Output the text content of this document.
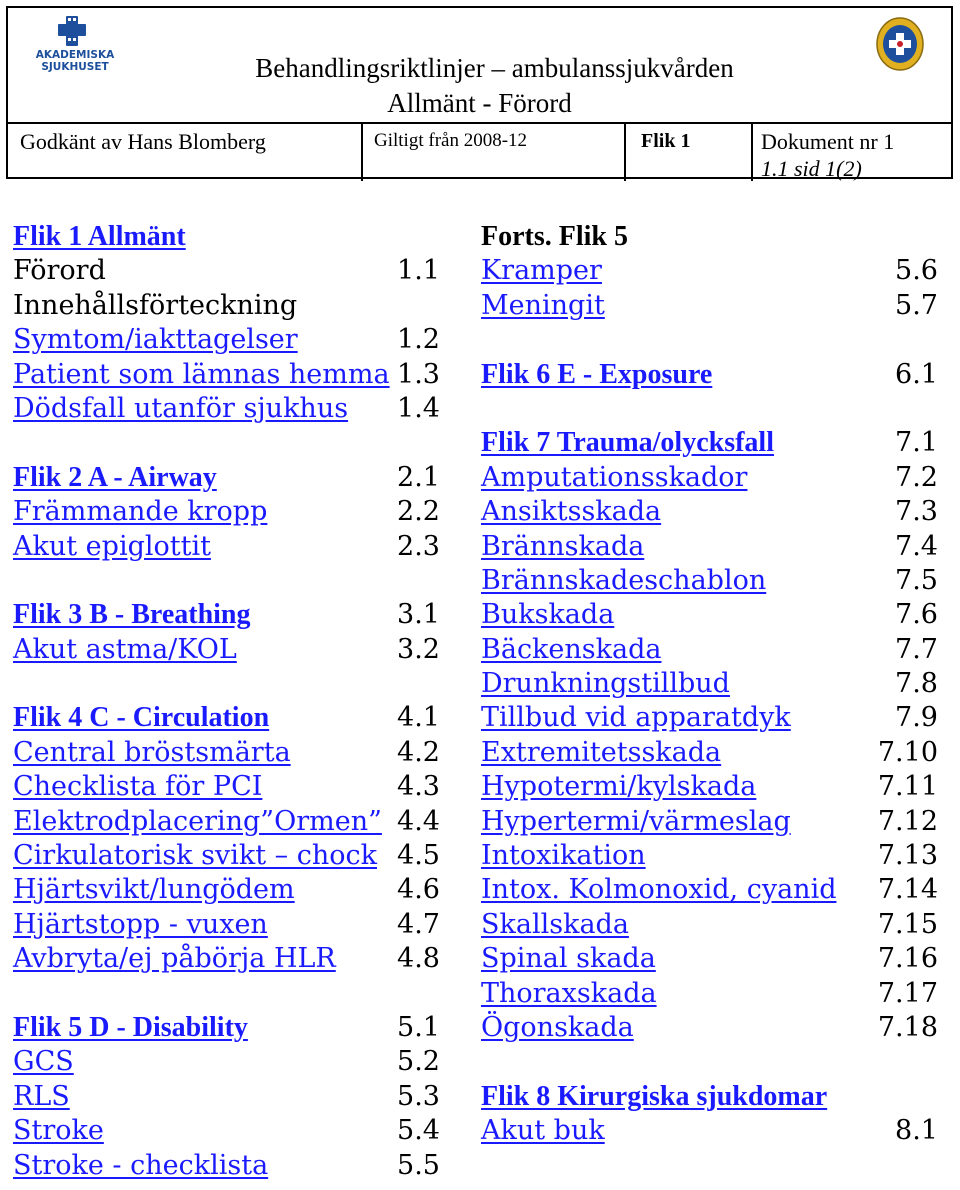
AKADEMISKA
SJUKHUSET	Behandlingsriktlinjer – ambulanssjukvården
Allmänt - Förord
Godkänt av Hans Blomberg	Giltigt från 2008-12	Flik 1	Dokument nr 1
1.1 sid 1(2)
Flik 1 Allmänt
Förord	1.1
Innehållsförteckning
Symtom/iakttagelser	1.2
Patient som lämnas hemma 1.3
Dödsfall utanför sjukhus 1.4
Flik 2 A - Airway	2.1
Främmande kropp	2.2
Akut epiglottit	2.3
Flik 3 B - Breathing	3.1
Akut astma/KOL	3.2
Flik 4 C - Circulation	4.1
Central bröstsmärta	4.2
Checklista för PCI	4.3
Elektrodplacering”Ormen” 4.4
Cirkulatorisk svikt – chock 4.5
Hjärtsvikt/lungödem	4.6
Hjärtstopp - vuxen	4.7
Avbryta/ej påbörja HLR 4.8
Flik 5 D - Disability	5.1
GCS	5.2
RLS	5.3
Stroke	5.4
Stroke - checklista	5.5
Forts. Flik 5
Kramper	5.6
Meningit	5.7
Flik 6 E - Exposure	6.1
Flik 7 Trauma/olycksfall	7.1
Amputationsskador	7.2
Ansiktsskada	7.3
Brännskada	7.4
Brännskadeschablon	7.5
Bukskada	7.6
Bäckenskada	7.7
Drunkningstillbud	7.8
Tillbud vid apparatdyk	7.9
Extremitetsskada	7.10
Hypotermi/kylskada	7.11
Hypertermi/värmeslag	7.12
Intoxikation	7.13
Intox. Kolmonoxid, cyanid 7.14
Skallskada	7.15
Spinal skada	7.16
Thoraxskada	7.17
Ögonskada	7.18
Flik 8 Kirurgiska sjukdomar
Akut buk	8.1
